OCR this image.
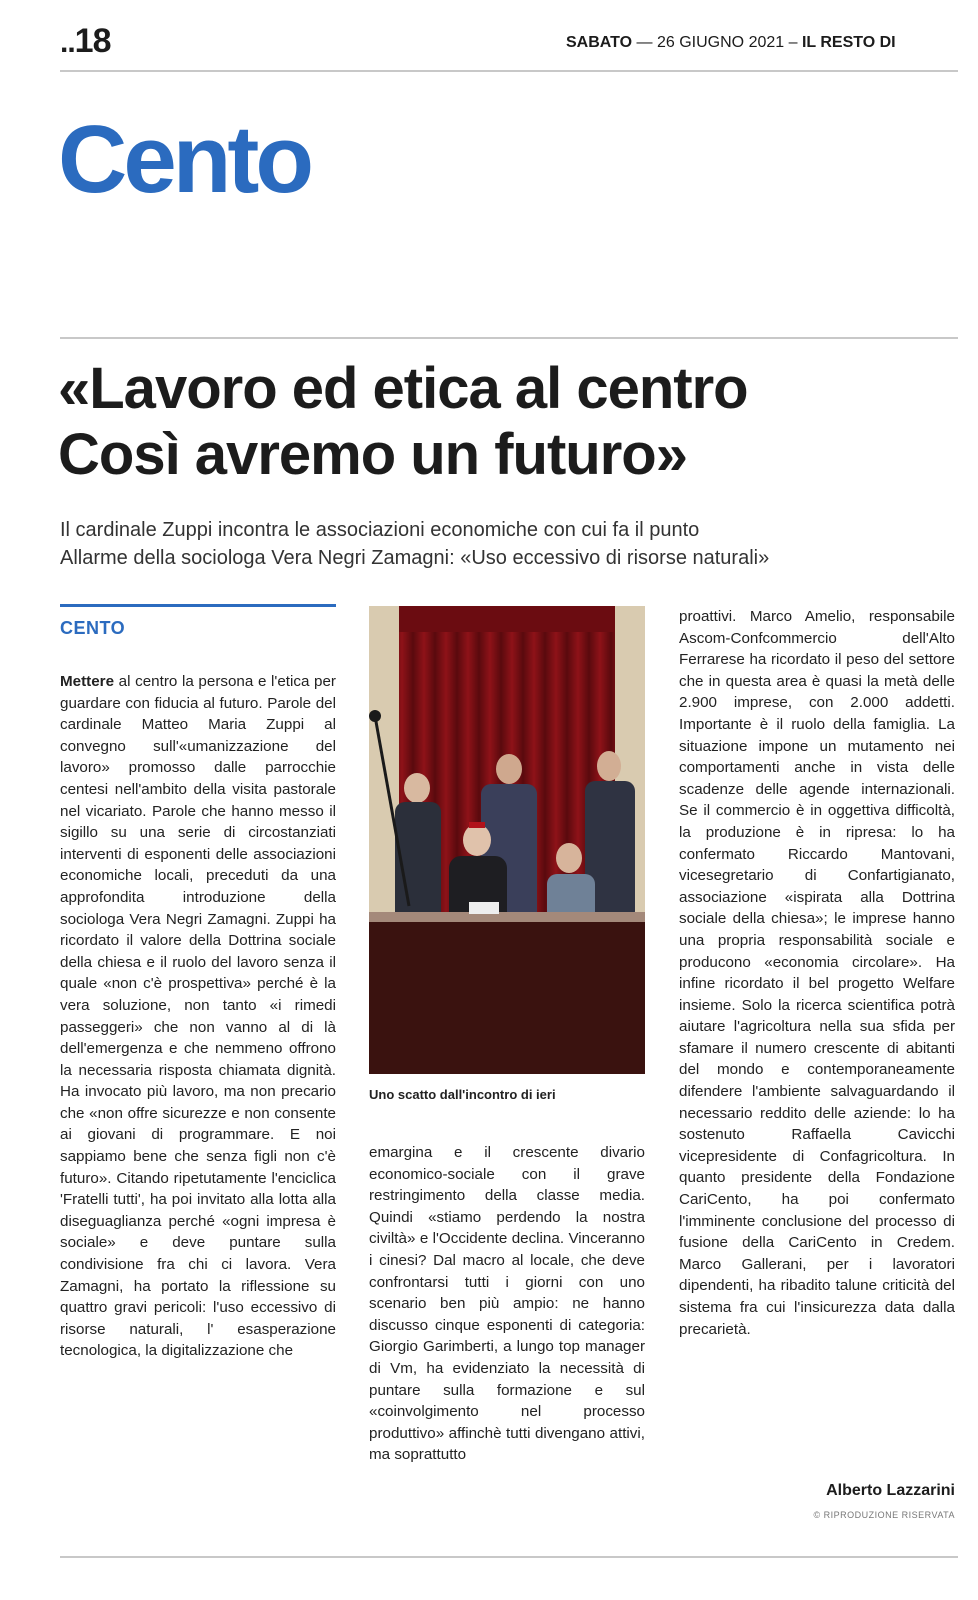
..18	SABATO — 26 GIUGNO 2021 – IL RESTO DI
Cento
«Lavoro ed etica al centro
Così avremo un futuro»
Il cardinale Zuppi incontra le associazioni economiche con cui fa il punto
Allarme della sociologa Vera Negri Zamagni: «Uso eccessivo di risorse naturali»
CENTO

Mettere al centro la persona e l'etica per guardare con fiducia al futuro. Parole del cardinale Matteo Maria Zuppi al convegno sull'«umanizzazione del lavoro» promosso dalle parrocchie centesi nell'ambito della visita pastorale nel vicariato. Parole che hanno messo il sigillo su una serie di circostanziati interventi di esponenti delle associazioni economiche locali, preceduti da una approfondita introduzione della sociologa Vera Negri Zamagni. Zuppi ha ricordato il valore della Dottrina sociale della chiesa e il ruolo del lavoro senza il quale «non c'è prospettiva» perché è la vera soluzione, non tanto «i rimedi passeggeri» che non vanno al di là dell'emergenza e che nemmeno offrono la necessaria risposta chiamata dignità. Ha invocato più lavoro, ma non precario che «non offre sicurezze e non consente ai giovani di programmare. E noi sappiamo bene che senza figli non c'è futuro». Citando ripetutamente l'enciclica 'Fratelli tutti', ha poi invitato alla lotta alla diseguaglianza perché «ogni impresa è sociale» e deve puntare sulla condivisione fra chi ci lavora. Vera Zamagni, ha portato la riflessione su quattro gravi pericoli: l'uso eccessivo di risorse naturali, l' esasperazione tecnologica, la digitalizzazione che

Uno scatto dall'incontro di ieri

emargina e il crescente divario economico-sociale con il grave restringimento della classe media. Quindi «stiamo perdendo la nostra civiltà» e l'Occidente declina. Vinceranno i cinesi? Dal macro al locale, che deve confrontarsi tutti i giorni con uno scenario ben più ampio: ne hanno discusso cinque esponenti di categoria: Giorgio Garimberti, a lungo top manager di Vm, ha evidenziato la necessità di puntare sulla formazione e sul «coinvolgimento nel processo produttivo» affinchè tutti divengano attivi, ma soprattutto

proattivi. Marco Amelio, responsabile Ascom-Confcommercio dell'Alto Ferrarese ha ricordato il peso del settore che in questa area è quasi la metà delle 2.900 imprese, con 2.000 addetti. Importante è il ruolo della famiglia. La situazione impone un mutamento nei comportamenti anche in vista delle scadenze delle agende internazionali. Se il commercio è in oggettiva difficoltà, la produzione è in ripresa: lo ha confermato Riccardo Mantovani, vicesegretario di Confartigianato, associazione «ispirata alla Dottrina sociale della chiesa»; le imprese hanno una propria responsabilità sociale e producono «economia circolare». Ha infine ricordato il bel progetto Welfare insieme. Solo la ricerca scientifica potrà aiutare l'agricoltura nella sua sfida per sfamare il numero crescente di abitanti del mondo e contemporaneamente difendere l'ambiente salvaguardando il necessario reddito delle aziende: lo ha sostenuto Raffaella Cavicchi vicepresidente di Confagricoltura. In quanto presidente della Fondazione CariCento, ha poi confermato l'imminente conclusione del processo di fusione della CariCento in Credem. Marco Gallerani, per i lavoratori dipendenti, ha ribadito talune criticità del sistema fra cui l'insicurezza data dalla precarietà.

Alberto Lazzarini
© RIPRODUZIONE RISERVATA
